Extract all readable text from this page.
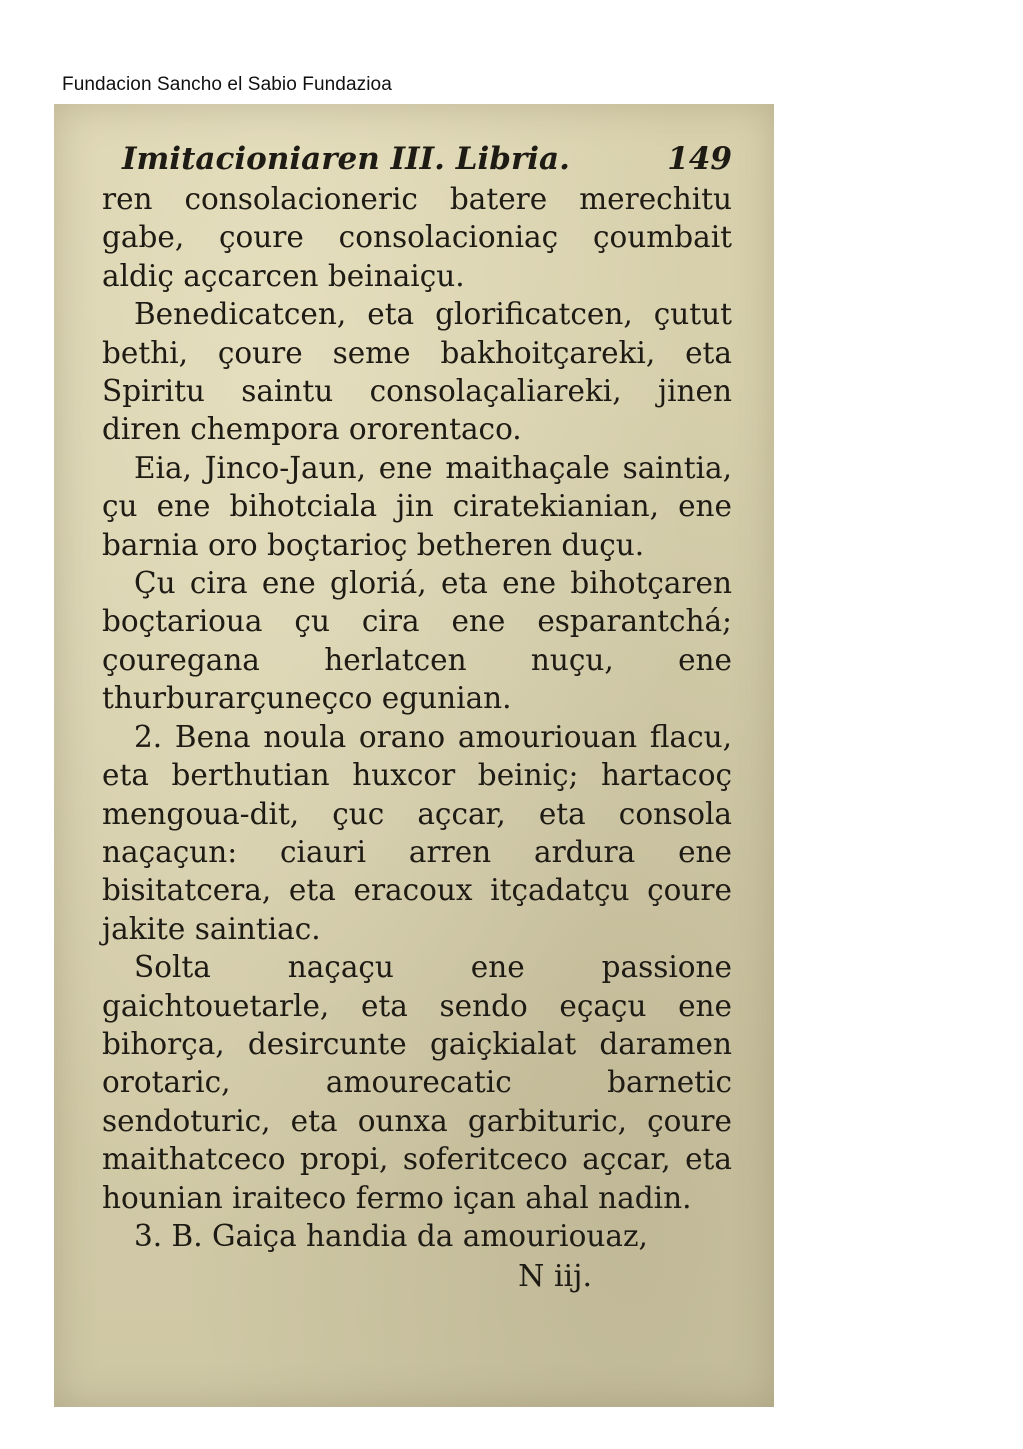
Fundacion Sancho el Sabio Fundazioa
Imitacioniaren III. Libria.	149

ren consolacioneric batere merechitu gabe, çoure consolacioniaç çoumbait aldiç açcarcen beinaiçu.

Benedicatcen, eta glorificatcen, çutut bethi, çoure seme bakhoitçareki, eta Spiritu saintu consolaçaliareki, jinen diren chempora ororentaco.

Eia, Jinco-Jaun, ene maithaçale saintia, çu ene bihotciala jin ciratekianian, ene barnia oro boçtarioç betheren duçu.

Çu cira ene gloriá, eta ene bihotçaren boçtarioua çu cira ene esparantchá; çouregana herlatcen nuçu, ene thurburarçuneçco egunian.

2. Bena noula orano amouriouan flacu, eta berthutian huxcor beiniç; hartacoç mengoua-dit, çuc açcar, eta consola naçaçun: ciauri arren ardura ene bisitatcera, eta eracoux itçadatçu çoure jakite saintiac.

Solta naçaçu ene passione gaichtouetarle, eta sendo eçaçu ene bihorça, desircunte gaiçkialat daramen orotaric, amourecatic barnetic sendoturic, eta ounxa garbituric, çoure maithatceco propi, soferitceco açcar, eta hounian iraiteco fermo içan ahal nadin.

3. B. Gaiça handia da amouriouaz,

N iij.
